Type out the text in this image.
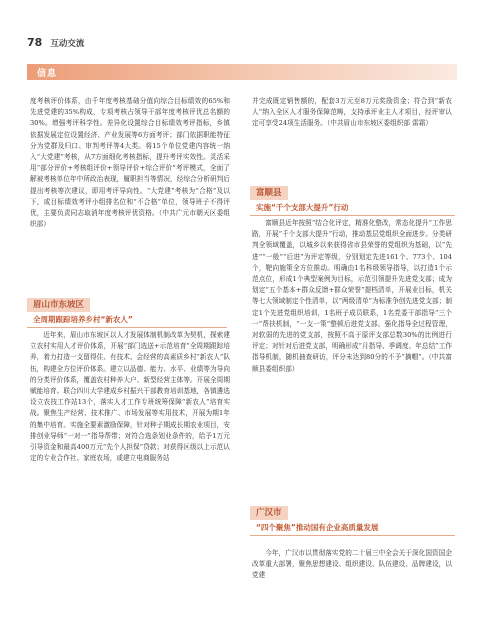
78 互动交流
信息

度考核评价体系，由千年度考核基础分值向综合目标绩效的65%和先进党建的35%构成，专项考核占领导干部年度考核评优总名额的30%。增强考评科学性。差异化设置综合目标绩效考评指标，乡镇依据发展定位设置经济、产业发展等6方面考评；部门依据职能特征分为党群及归口、审判考评等4大类。将15个单位党建内容统一纳入“大党建”考核，从7方面细化考核指标，提升考评实效性。灵活采用“部分评价+考核组评价+领导评价+综合评价”考评模式，全面了解被考核单位年中所政治表现，履职担当等情况，经综合分析研判后提出考核等次建议，即用考评导向性。“大党建”考核为“合格”及以下，或目标绩效考评小组排名位和“不合格”单位，领导班子不得评优，主要负责同志取消年度考核评优资格。（中共广元市朝天区委组织部）

眉山市东坡区
全周期跟踪培养乡村“新农人”

近年来，眉山市东坡区以人才发展体制机制改革为契机，探索建立农村实用人才评价体系，开展“部门选送+示范培育”全周期跟踪培养，着力打造一支留得住、有技术、会经营的高素质乡村“新农人”队伍，构建全方位评价体系。建立以品德、能力、水平、业绩等为导向的分类评价体系，覆盖农村种养大户、新型经营主体等。开展全周期赋能培育。联合四川大学建成乡村振兴干部教育培训基地，各镇遴选设立农技工作站13个，落实人才工作专班统筹保障“新农人”培育实战。聚焦生产经营、技术推广、市场发展等实用技术，开展为期1年的集中培育。实施全要素激励保障，针对种子期成长期农业项目，安排创业导师“一对一”指导帮带；对符合选条划业条件的，给予1万元引导资金和最高400万元“先个人担保”贷款；对获得区级以上示范认定的专业合作社、家庭农场，或建立电商服务站

并完成既定销售额的，配套3万元至8万元奖励资金；符合到“新农人”纳入全区人才服务保障范畴，支持承评业主人才项目，经评审认定可享受24项生活服务。（中共眉山市东坡区委组织部 雷霜）

富顺县
实施“千个支部大提升”行动

富顺县近年按照“结合化评定，精准化整改，常态化提升”工作思路，开展“千个支部大提升”行动，推动基层党组织全面进步。分类研判全领域覆盖，以城乡以来获得省市县荣誉的党组织为基础，以“先进”“一般”“后进”为评定等级，分别划定先进161个、773个、104个，靶向施策全方位推动。明确由1名科级领导指导，以打造1个示范点位，形成1个典型案例为目标，示范引领提升先进党支部；成为划定“五个基本+群众反馈+群众荣誉”提档清单，开展业目标，机关等七大领域制定个性清单，以“两级清单”为标准争创先进党支部；制定1个先进党组织培训，1名班子成员联系，1名党委干部指导“三个一”帮扶机制，“一支一策”整顿后进党支部。强化指导全过程管理，对软弱的先进的党支部，按照不高于原评支部总数30%的比例进行评定；对针对后进党支部，明确形成“月指导、季调度、年总结”工作指导机制，随机抽查研访，评分未达到80分的不予“摘帽”。（中共富顺县委组织部）

广汉市
“四个聚焦”推动国有企业高质量发展

今年，广汉市以贯彻落实党的二十届三中全会关于深化国资国企改革重大部署，聚焦思想建设、组织建设、队伍建设、品牌建设，以党建
